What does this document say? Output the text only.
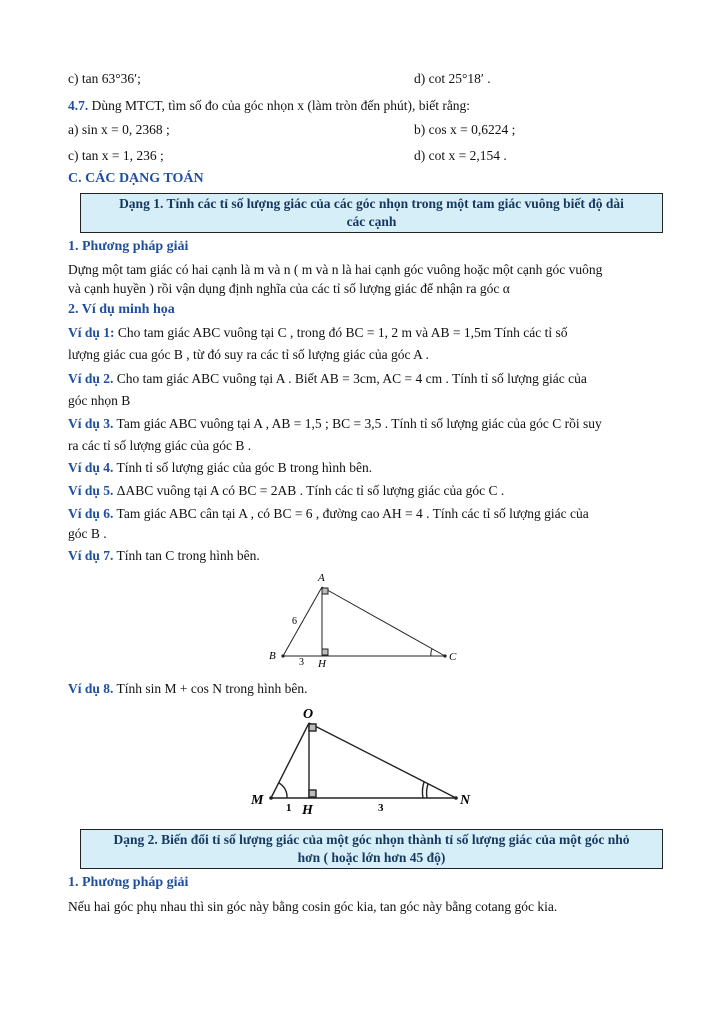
c) tan 63°36′;	d) cot 25°18′ .
4.7. Dùng MTCT, tìm số đo của góc nhọn x (làm tròn đến phút), biết rằng:
a) sin x = 0, 2368 ;	b) cos x = 0,6224 ;
c) tan x = 1, 236 ;	d) cot x = 2,154 .
C. CÁC DẠNG TOÁN
Dạng 1. Tính các tỉ số lượng giác của các góc nhọn trong một tam giác vuông biết độ dài
các cạnh
1. Phương pháp giải
Dựng một tam giác có hai cạnh là m và n ( m và n là hai cạnh góc vuông hoặc một cạnh góc vuông
và cạnh huyền ) rồi vận dụng định nghĩa của các tỉ số lượng giác để nhận ra góc α
2. Ví dụ minh họa
Ví dụ 1: Cho tam giác ABC vuông tại C , trong đó BC = 1, 2 m và AB = 1,5m Tính các tỉ số
lượng giác cua góc B , từ đó suy ra các tỉ số lượng giác của góc A .
Ví dụ 2. Cho tam giác ABC vuông tại A . Biết AB = 3cm, AC = 4 cm . Tính tỉ số lượng giác của
góc nhọn B
Ví dụ 3. Tam giác ABC vuông tại A , AB = 1,5 ; BC = 3,5 . Tính tỉ số lượng giác của góc C rồi suy
ra các tỉ số lượng giác của góc B .
Ví dụ 4. Tính tỉ số lượng giác của góc B trong hình bên.
Ví dụ 5. ΔABC vuông tại A có BC = 2AB . Tính các tỉ số lượng giác của góc C .
Ví dụ 6. Tam giác ABC cân tại A , có BC = 6 , đường cao AH = 4 . Tính các tỉ số lượng giác của
góc B .
Ví dụ 7. Tính tan C trong hình bên.
A
B	C
H
6
3
O
M	N
H
1	3
Ví dụ 8. Tính sin M + cos N trong hình bên.
Dạng 2. Biến đổi tỉ số lượng giác của một góc nhọn thành tỉ số lượng giác của một góc nhỏ
hơn ( hoặc lớn hơn 45 độ)
1. Phương pháp giải
Nếu hai góc phụ nhau thì sin góc này bằng cosin góc kia, tan góc này bằng cotang góc kia.
